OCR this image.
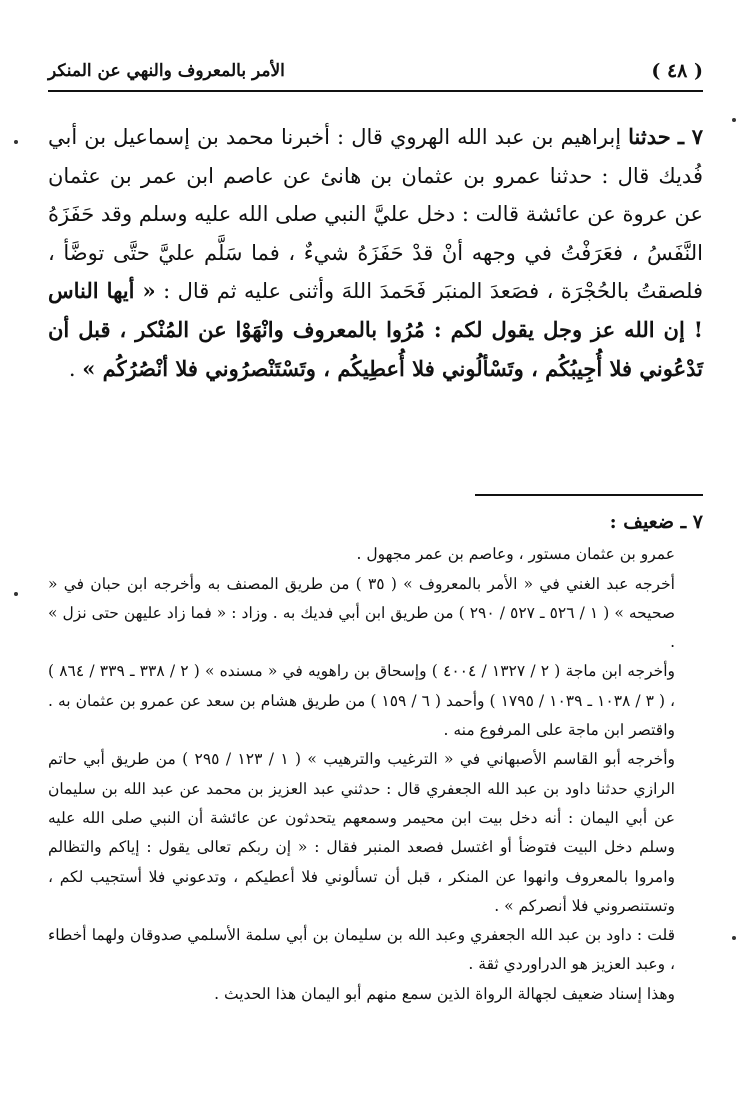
( ٤٨ )
الأمر بالمعروف والنهي عن المنكر
٧ ـ حدثنا إبراهيم بن عبد الله الهروي قال : أخبرنا محمد بن إسماعيل بن أبي فُديك قال : حدثنا عمرو بن عثمان بن هانئ عن عاصم ابن عمر بن عثمان عن عروة عن عائشة قالت : دخل عليَّ النبي صلى الله عليه وسلم وقد حَفَزَهُ النَّفَسُ ، فعَرَفْتُ في وجهه أنْ قدْ حَفَزَهُ شيءٌ ، فما سَلَّم عليَّ حتَّى توضَّأ ، فلصقتُ بالحُجْرَة ، فصَعدَ المنبَر فَحَمدَ اللهَ وأثنى عليه ثم قال : « أيها الناس ! إن الله عز وجل يقول لكم : مُرُوا بالمعروف وانْهَوْا عن المُنْكر ، قبل أن تَدْعُوني فلا أُجِيبُكُم ، وتَسْألُوني فلا أُعطِيكُم ، وتَسْتَنْصرُوني فلا أنْصُرُكُم » .

٧ ـ ضعيف :

عمرو بن عثمان مستور ، وعاصم بن عمر مجهول .

أخرجه عبد الغني في « الأمر بالمعروف » ( ٣٥ ) من طريق المصنف به وأخرجه ابن حبان في « صحيحه » ( ١ / ٥٢٦ ـ ٥٢٧ / ٢٩٠ ) من طريق ابن أبي فديك به . وزاد : « فما زاد عليهن حتى نزل » .

وأخرجه ابن ماجة ( ٢ / ١٣٢٧ / ٤٠٠٤ ) وإسحاق بن راهويه في « مسنده » ( ٢ / ٣٣٨ ـ ٣٣٩ / ٨٦٤ ) ، ( ٣ / ١٠٣٨ ـ ١٠٣٩ / ١٧٩٥ ) وأحمد ( ٦ / ١٥٩ ) من طريق هشام بن سعد عن عمرو بن عثمان به . واقتصر ابن ماجة على المرفوع منه .

وأخرجه أبو القاسم الأصبهاني في « الترغيب والترهيب » ( ١ / ١٢٣ / ٢٩٥ ) من طريق أبي حاتم الرازي حدثنا داود بن عبد الله الجعفري قال : حدثني عبد العزيز بن محمد عن عبد الله بن سليمان عن أبي اليمان : أنه دخل بيت ابن محيمر وسمعهم يتحدثون عن عائشة أن النبي صلى الله عليه وسلم دخل البيت فتوضأ أو اغتسل فصعد المنبر فقال : « إن ربكم تعالى يقول : إياكم والتظالم وامروا بالمعروف وانهوا عن المنكر ، قبل أن تسألوني فلا أعطيكم ، وتدعوني فلا أستجيب لكم ، وتستنصروني فلا أنصركم » .

قلت : داود بن عبد الله الجعفري وعبد الله بن سليمان بن أبي سلمة الأسلمي صدوقان ولهما أخطاء ، وعبد العزيز هو الدراوردي ثقة .

وهذا إسناد ضعيف لجهالة الرواة الذين سمع منهم أبو اليمان هذا الحديث .
